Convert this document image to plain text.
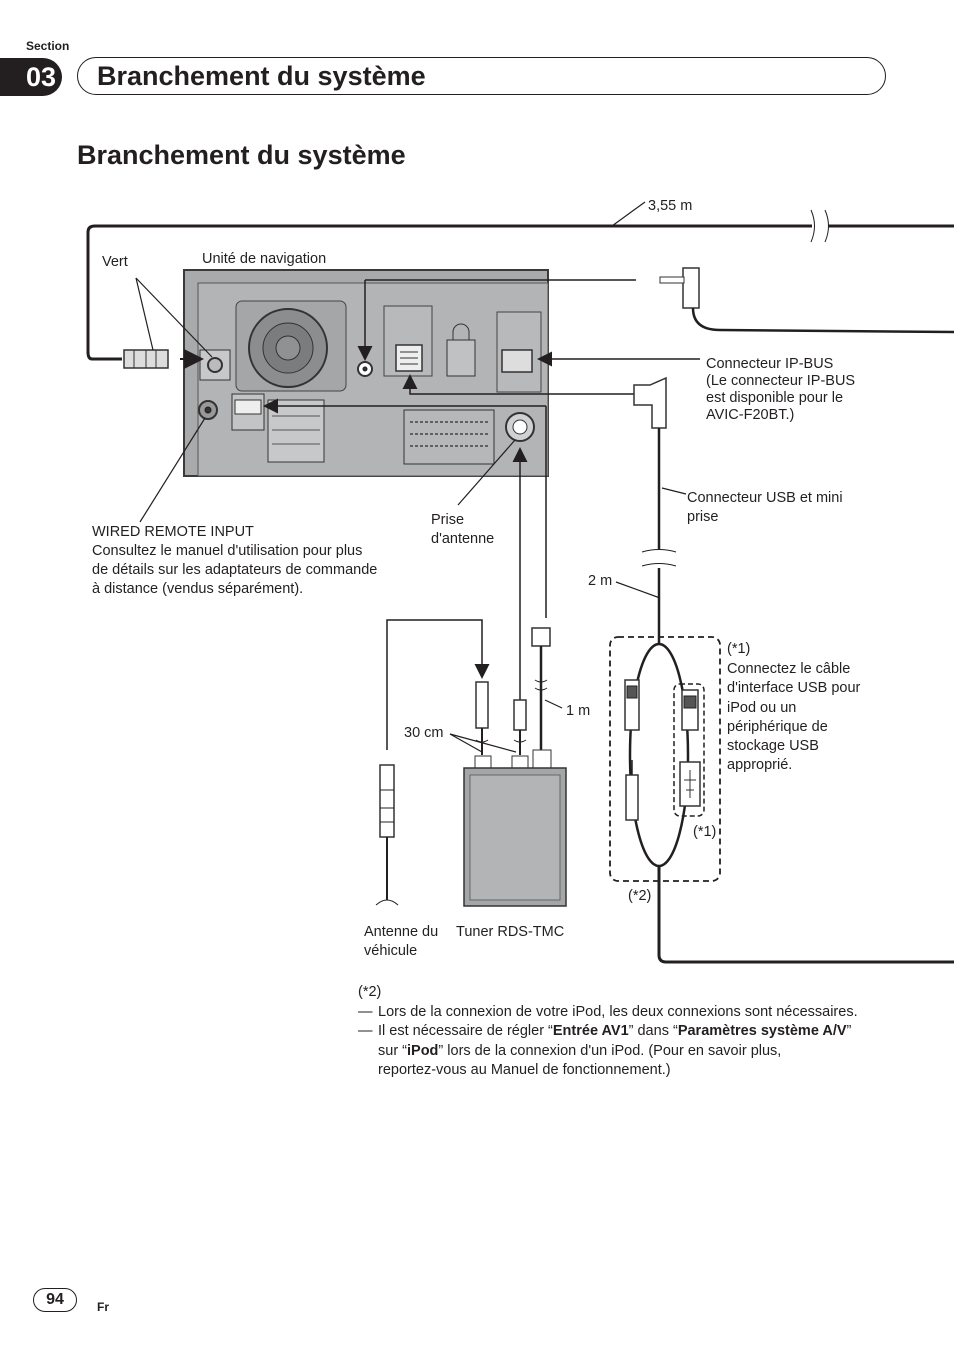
Section
03 Branchement du système
Branchement du système
3,55 m
Vert	Unité de navigation
Connecteur IP-BUS
(Le connecteur IP-BUS
est disponible pour le
AVIC-F20BT.)
Connecteur USB et mini
prise
WIRED REMOTE INPUT
Consultez le manuel d'utilisation pour plus
de détails sur les adaptateurs de commande
à distance (vendus séparément).
Prise
d'antenne
2 m
(*1)
Connectez le câble
d'interface USB pour
iPod ou un
périphérique de
stockage USB
approprié.
1 m
30 cm
(*1)
(*2)
Antenne du
véhicule
Tuner RDS-TMC
(*2)
— Lors de la connexion de votre iPod, les deux connexions sont nécessaires.
— Il est nécessaire de régler “Entrée AV1” dans “Paramètres système A/V”
sur “iPod” lors de la connexion d'un iPod. (Pour en savoir plus,
reportez-vous au Manuel de fonctionnement.)
94	Fr
